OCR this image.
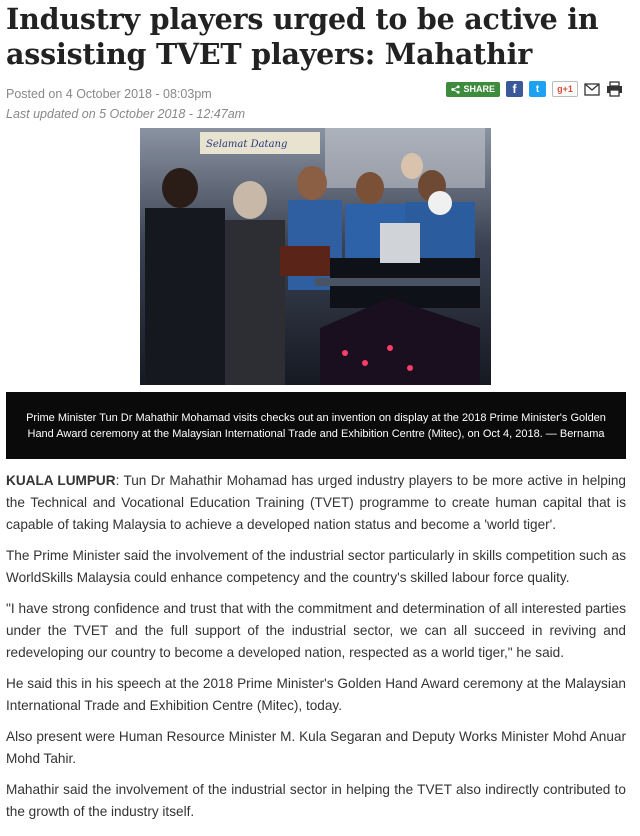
Industry players urged to be active in assisting TVET players: Mahathir
Posted on 4 October 2018 - 08:03pm
Last updated on 5 October 2018 - 12:47am
SHARE	f	t	g+1
Selamat Datang
Prime Minister Tun Dr Mahathir Mohamad visits checks out an invention on display at the 2018 Prime Minister's Golden Hand Award ceremony at the Malaysian International Trade and Exhibition Centre (Mitec), on Oct 4, 2018. — Bernama

KUALA LUMPUR: Tun Dr Mahathir Mohamad has urged industry players to be more active in helping the Technical and Vocational Education Training (TVET) programme to create human capital that is capable of taking Malaysia to achieve a developed nation status and become a 'world tiger'.

The Prime Minister said the involvement of the industrial sector particularly in skills competition such as WorldSkills Malaysia could enhance competency and the country's skilled labour force quality.

"I have strong confidence and trust that with the commitment and determination of all interested parties under the TVET and the full support of the industrial sector, we can all succeed in reviving and redeveloping our country to become a developed nation, respected as a world tiger," he said.

He said this in his speech at the 2018 Prime Minister's Golden Hand Award ceremony at the Malaysian International Trade and Exhibition Centre (Mitec), today.

Also present were Human Resource Minister M. Kula Segaran and Deputy Works Minister Mohd Anuar Mohd Tahir.

Mahathir said the involvement of the industrial sector in helping the TVET also indirectly contributed to the growth of the industry itself.
